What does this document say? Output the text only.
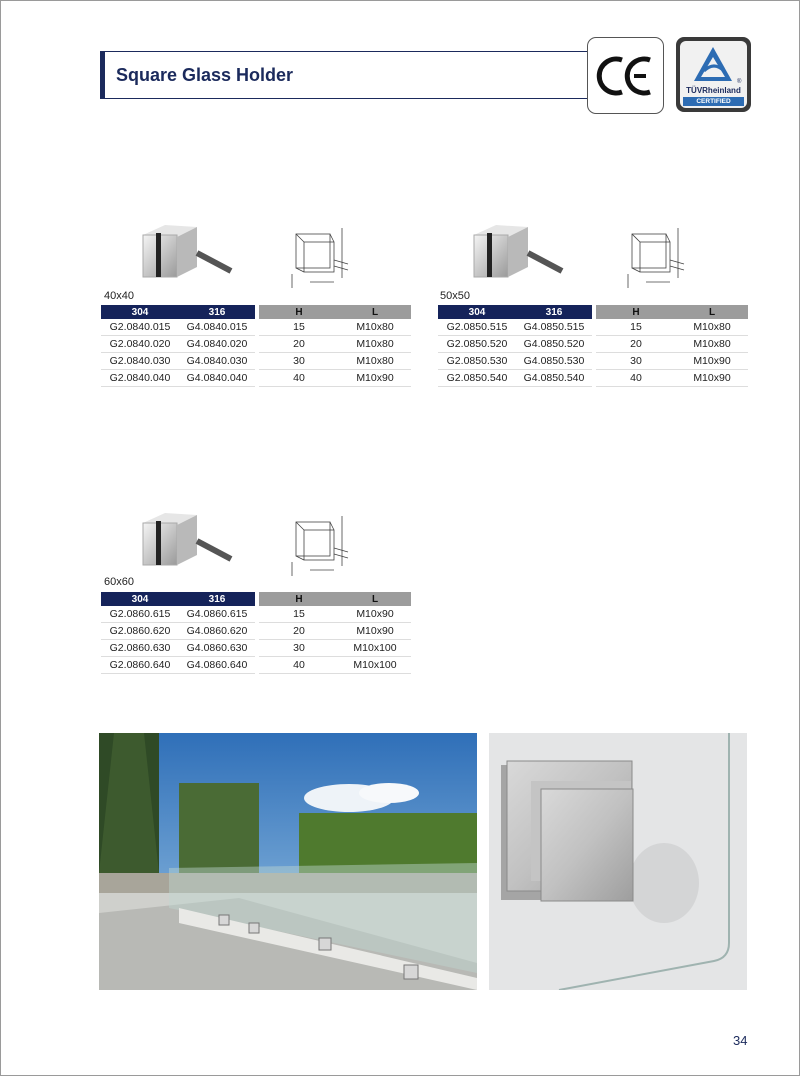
Square Glass Holder	®
TÜVRheinland
CERTIFIED
40x40
304	316		H	L
G2.0840.015	G4.0840.015		15	M10x80
G2.0840.020	G4.0840.020		20	M10x80
G2.0840.030	G4.0840.030		30	M10x80
G2.0840.040	G4.0840.040		40	M10x90
50x50
304	316		H	L
G2.0850.515	G4.0850.515		15	M10x80
G2.0850.520	G4.0850.520		20	M10x80
G2.0850.530	G4.0850.530		30	M10x90
G2.0850.540	G4.0850.540		40	M10x90
60x60
304	316		H	L
G2.0860.615	G4.0860.615		15	M10x90
G2.0860.620	G4.0860.620		20	M10x90
G2.0860.630	G4.0860.630		30	M10x100
G2.0860.640	G4.0860.640		40	M10x100
34
